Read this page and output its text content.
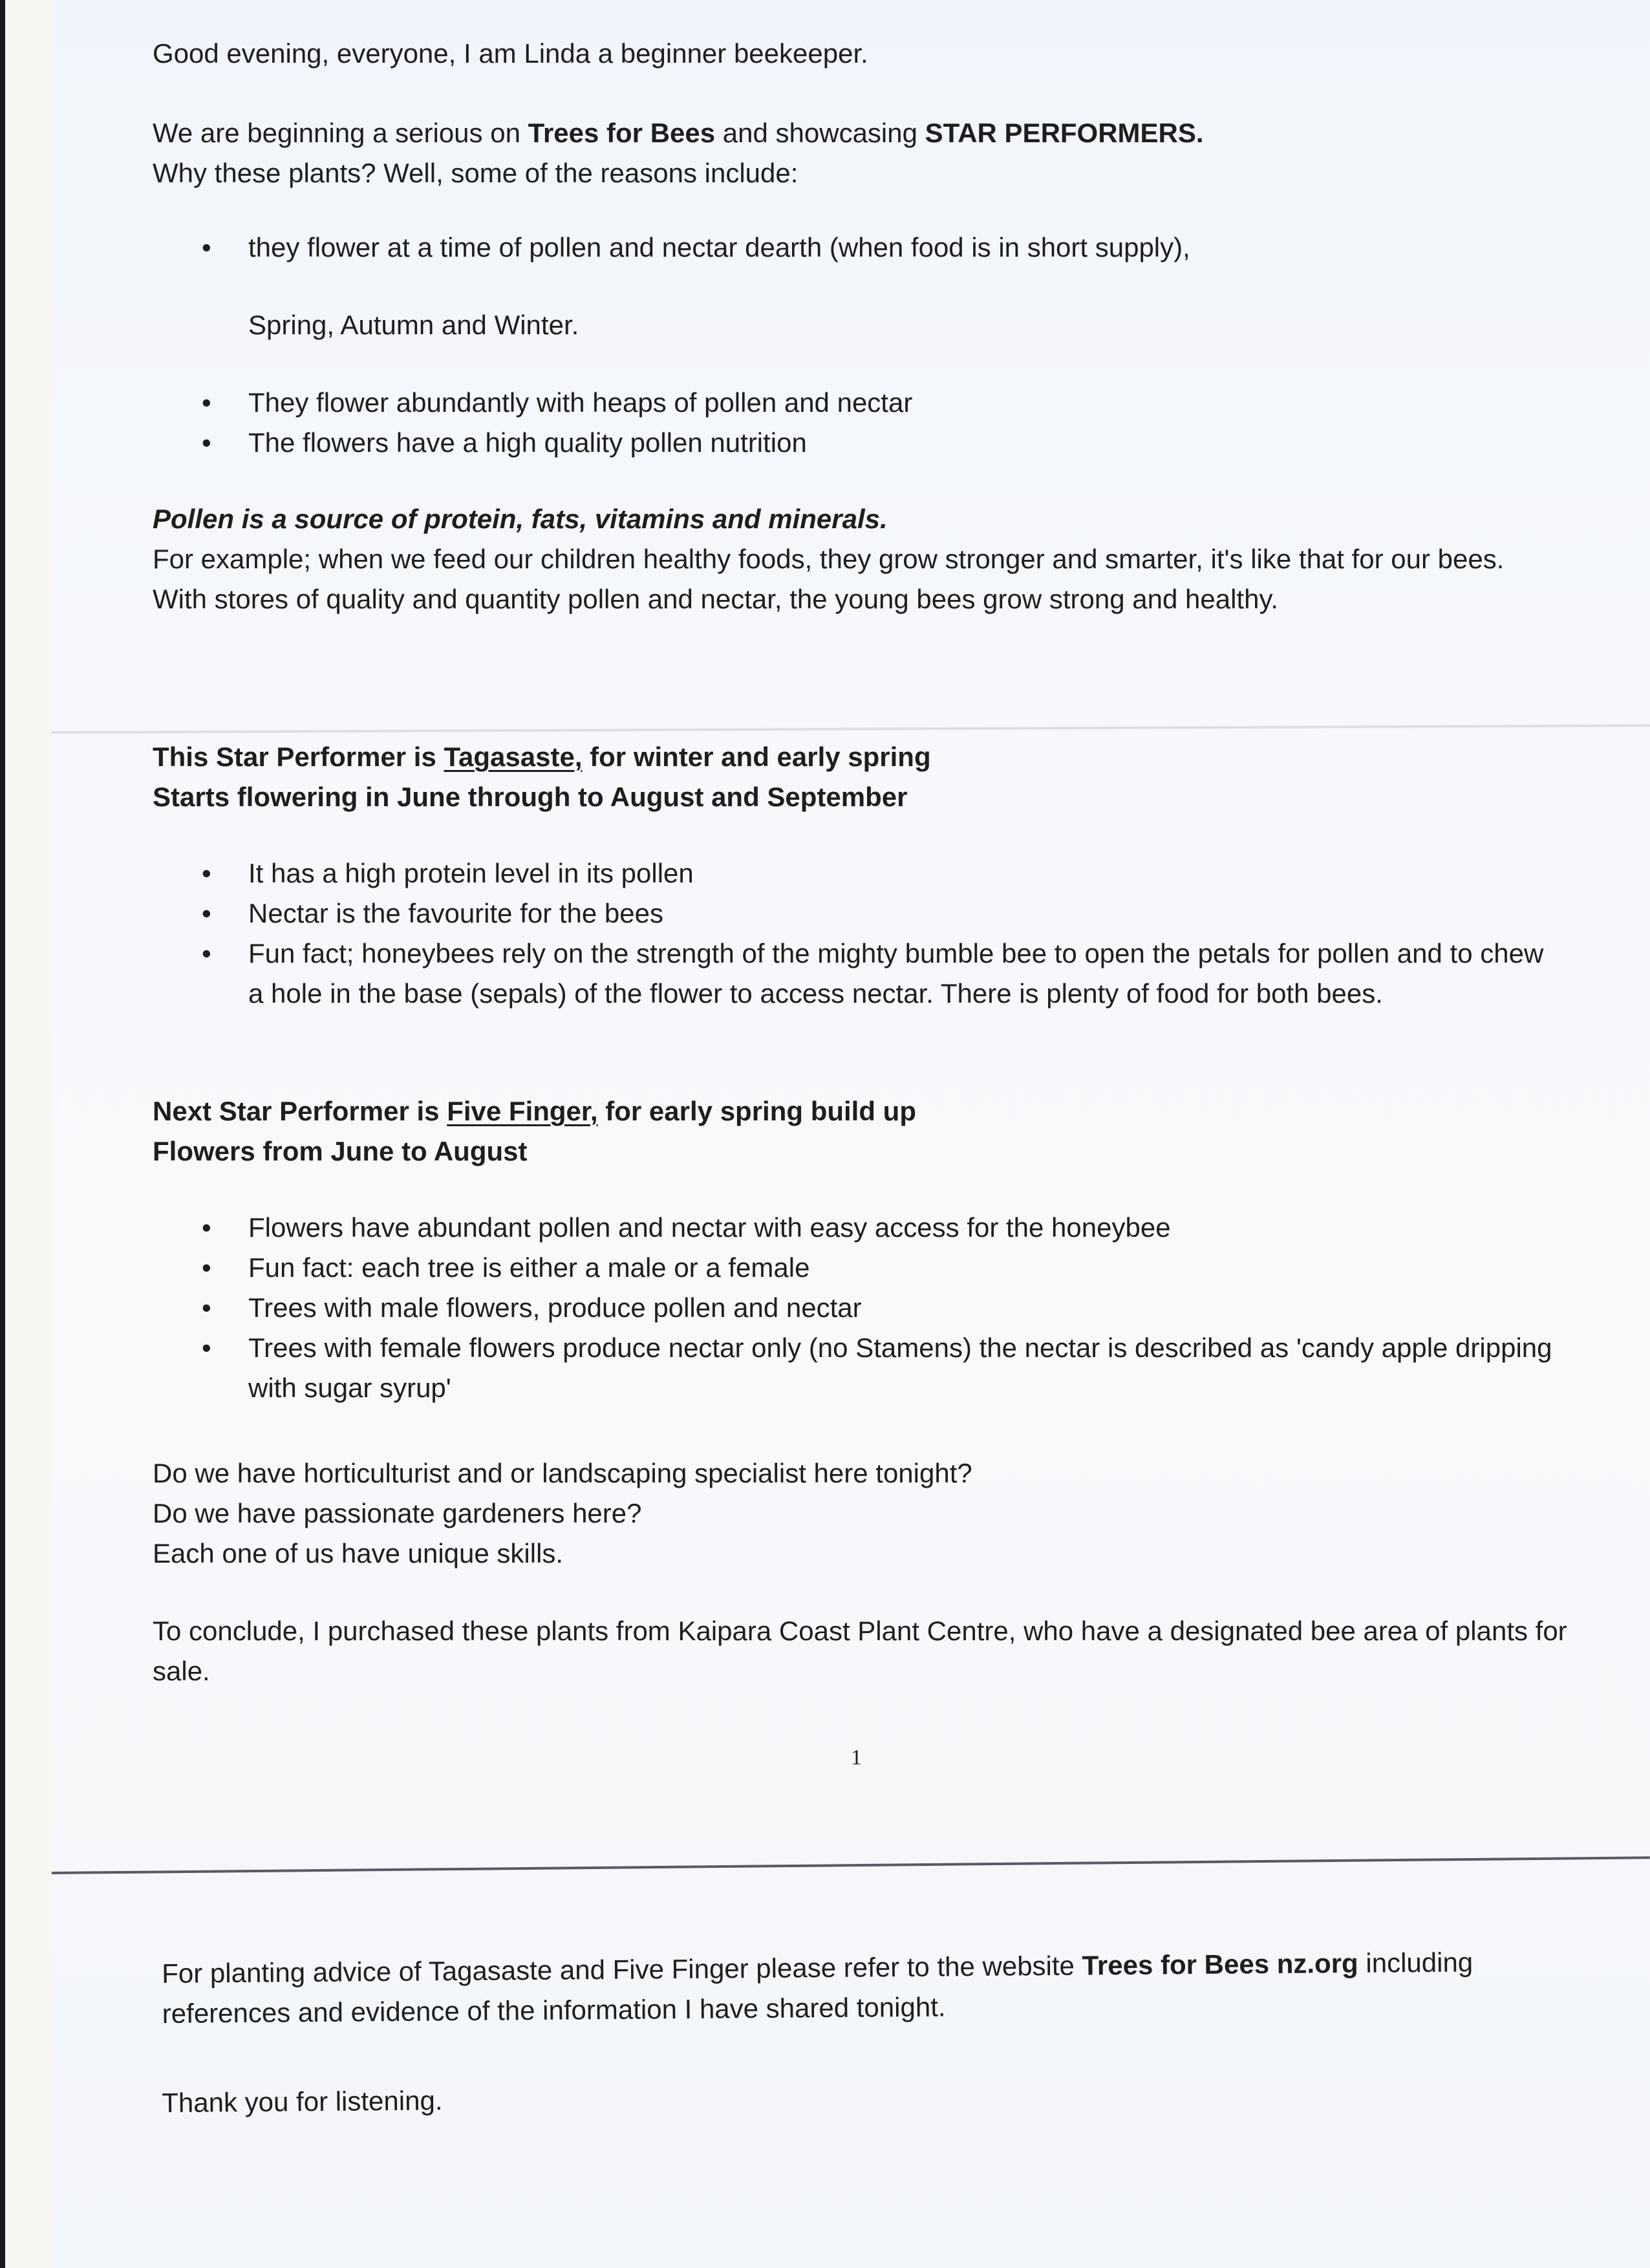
Good evening, everyone, I am Linda a beginner beekeeper.

We are beginning a serious on Trees for Bees and showcasing STAR PERFORMERS.

Why these plants? Well, some of the reasons include:

• they flower at a time of pollen and nectar dearth (when food is in short supply),

Spring, Autumn and Winter.

• They flower abundantly with heaps of pollen and nectar
• The flowers have a high quality pollen nutrition

Pollen is a source of protein, fats, vitamins and minerals.

For example; when we feed our children healthy foods, they grow stronger and smarter, it's like that for our bees. With stores of quality and quantity pollen and nectar, the young bees grow strong and healthy.

This Star Performer is Tagasaste, for winter and early spring

Starts flowering in June through to August and September

• It has a high protein level in its pollen
• Nectar is the favourite for the bees
• Fun fact; honeybees rely on the strength of the mighty bumble bee to open the petals for pollen and to chew a hole in the base (sepals) of the flower to access nectar. There is plenty of food for both bees.

Next Star Performer is Five Finger, for early spring build up

Flowers from June to August

• Flowers have abundant pollen and nectar with easy access for the honeybee
• Fun fact: each tree is either a male or a female
• Trees with male flowers, produce pollen and nectar
• Trees with female flowers produce nectar only (no Stamens) the nectar is described as 'candy apple dripping with sugar syrup'

Do we have horticulturist and or landscaping specialist here tonight?

Do we have passionate gardeners here?

Each one of us have unique skills.

To conclude, I purchased these plants from Kaipara Coast Plant Centre, who have a designated bee area of plants for sale.

1

For planting advice of Tagasaste and Five Finger please refer to the website Trees for Bees nz.org including references and evidence of the information I have shared tonight.

Thank you for listening.
